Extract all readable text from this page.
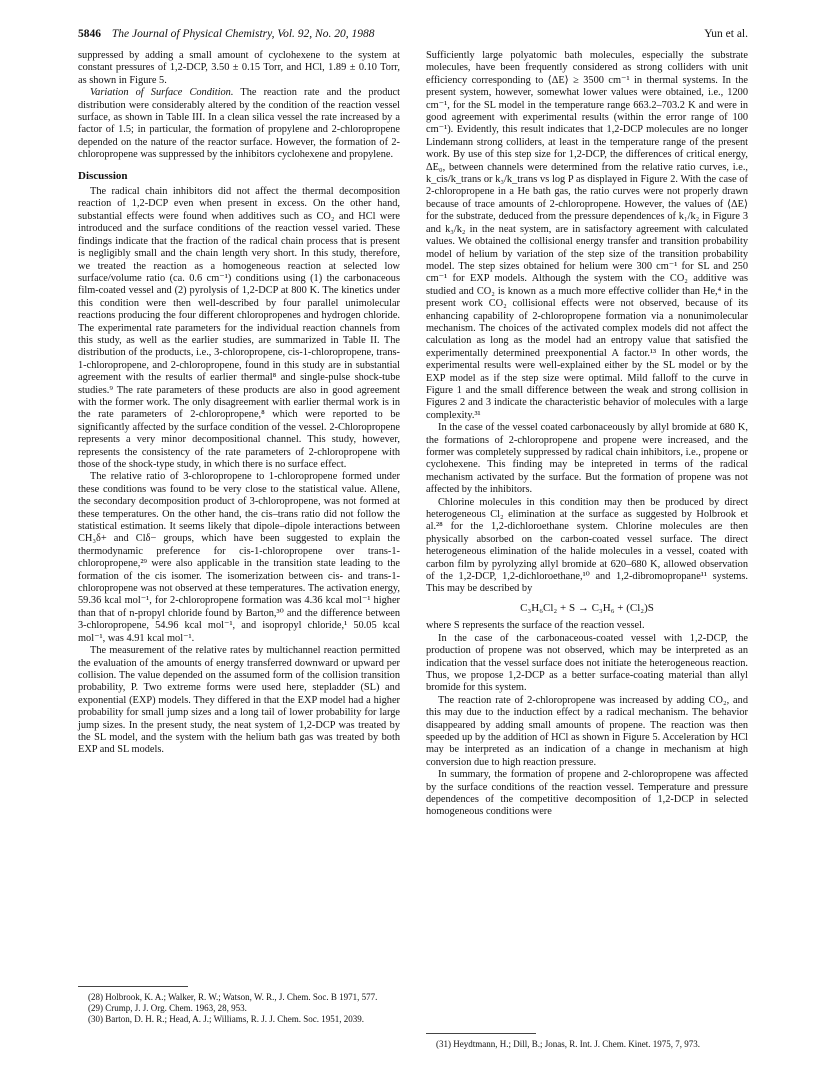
5846 The Journal of Physical Chemistry, Vol. 92, No. 20, 1988	Yun et al.

suppressed by adding a small amount of cyclohexene to the system at constant pressures of 1,2-DCP, 3.50 ± 0.15 Torr, and HCl, 1.89 ± 0.10 Torr, as shown in Figure 5.

Variation of Surface Condition. The reaction rate and the product distribution were considerably altered by the condition of the reaction vessel surface, as shown in Table III. In a clean silica vessel the rate increased by a factor of 1.5; in particular, the formation of propylene and 2-chloropropene depended on the nature of the reactor surface. However, the formation of 2-chloropropene was suppressed by the inhibitors cyclohexene and propylene.

Discussion

The radical chain inhibitors did not affect the thermal decomposition reaction of 1,2-DCP even when present in excess. On the other hand, substantial effects were found when additives such as CO₂ and HCl were introduced and the surface conditions of the reaction vessel varied. These findings indicate that the fraction of the radical chain process that is present is negligibly small and the chain length very short. In this study, therefore, we treated the reaction as a homogeneous reaction at selected low surface/volume ratio (ca. 0.6 cm⁻¹) conditions using (1) the carbonaceous film-coated vessel and (2) pyrolysis of 1,2-DCP at 800 K. The kinetics under this condition were then well-described by four parallel unimolecular reactions producing the four different chloropropenes and hydrogen chloride. The experimental rate parameters for the individual reaction channels from this study, as well as the earlier studies, are summarized in Table II. The distribution of the products, i.e., 3-chloropropene, cis-1-chloropropene, trans-1-chloropropene, and 2-chloropropene, found in this study are in substantial agreement with the results of earlier thermal⁸ and single-pulse shock-tube studies.⁹ The rate parameters of these products are also in good agreement with the former work. The only disagreement with earlier thermal work is in the rate parameters of 2-chloropropene,⁸ which were reported to be significantly affected by the surface condition of the vessel. 2-Chloropropene represents a very minor decompositional channel. This study, however, represents the consistency of the rate parameters of 2-chloropropene with those of the shock-type study, in which there is no surface effect.

The relative ratio of 3-chloropropene to 1-chloropropene formed under these conditions was found to be very close to the statistical value. Allene, the secondary decomposition product of 3-chloropropene, was not formed at these temperatures. On the other hand, the cis–trans ratio did not follow the statistical estimation. It seems likely that dipole–dipole interactions between CH₃δ+ and Clδ− groups, which have been suggested to explain the thermodynamic preference for cis-1-chloropropene over trans-1-chloropropene,²⁹ were also applicable in the transition state leading to the formation of the cis isomer. The isomerization between cis- and trans-1-chloropropene was not observed at these temperatures. The activation energy, 59.36 kcal mol⁻¹, for 2-chloropropene formation was 4.36 kcal mol⁻¹ higher than that of n-propyl chloride found by Barton,³⁰ and the difference between 3-chloropropene, 54.96 kcal mol⁻¹, and isopropyl chloride,¹ 50.05 kcal mol⁻¹, was 4.91 kcal mol⁻¹.

The measurement of the relative rates by multichannel reaction permitted the evaluation of the amounts of energy transferred downward or upward per collision. The value depended on the assumed form of the collision transition probability, P. Two extreme forms were used here, stepladder (SL) and exponential (EXP) models. They differed in that the EXP model had a higher probability for small jump sizes and a long tail of lower probability for large jump sizes. In the present study, the neat system of 1,2-DCP was treated by the SL model, and the system with the helium bath gas was treated by both EXP and SL models.

(28) Holbrook, K. A.; Walker, R. W.; Watson, W. R., J. Chem. Soc. B 1971, 577.

(29) Crump, J. J. Org. Chem. 1963, 28, 953.

(30) Barton, D. H. R.; Head, A. J.; Williams, R. J. J. Chem. Soc. 1951, 2039.

Sufficiently large polyatomic bath molecules, especially the substrate molecules, have been frequently considered as strong colliders with unit efficiency corresponding to ⟨ΔE⟩ ≥ 3500 cm⁻¹ in thermal systems. In the present system, however, somewhat lower values were obtained, i.e., 1200 cm⁻¹, for the SL model in the temperature range 663.2–703.2 K and were in good agreement with experimental results (within the error range of 100 cm⁻¹). Evidently, this result indicates that 1,2-DCP molecules are no longer Lindemann strong colliders, at least in the temperature range of the present work. By use of this step size for 1,2-DCP, the differences of critical energy, ΔE₀, between channels were determined from the relative ratio curves, i.e., k_cis/k_trans or k₃/k_trans vs log P as displayed in Figure 2. With the case of 2-chloropropene in a He bath gas, the ratio curves were not properly drawn because of trace amounts of 2-chloropropene. However, the values of ⟨ΔE⟩ for the substrate, deduced from the pressure dependences of k₁/k₂ in Figure 3 and k₃/k₂ in the neat system, are in satisfactory agreement with calculated values. We obtained the collisional energy transfer and transition probability model of helium by variation of the step size of the transition probability model. The step sizes obtained for helium were 300 cm⁻¹ for SL and 250 cm⁻¹ for EXP models. Although the system with the CO₂ additive was studied and CO₂ is known as a much more effective collider than He,⁴ in the present work CO₂ collisional effects were not observed, because of its enhancing capability of 2-chloropropene formation via a nonunimolecular mechanism. The choices of the activated complex models did not affect the calculation as long as the model had an entropy value that satisfied the experimentally determined preexponential A factor.¹³ In other words, the experimental results were well-explained either by the SL model or by the EXP model as if the step size were optimal. Mild falloff to the curve in Figure 1 and the small difference between the weak and strong collision in Figures 2 and 3 indicate the characteristic behavior of molecules with a large complexity.³¹

In the case of the vessel coated carbonaceously by allyl bromide at 680 K, the formations of 2-chloropropene and propene were increased, and the former was completely suppressed by radical chain inhibitors, i.e., propene or cyclohexene. This finding may be intepreted in terms of the radical mechanism activated by the surface. But the formation of propene was not affected by the inhibitors.

Chlorine molecules in this condition may then be produced by direct heterogeneous Cl₂ elimination at the surface as suggested by Holbrook et al.²⁸ for the 1,2-dichloroethane system. Chlorine molecules are then physically absorbed on the carbon-coated vessel surface. The direct heterogeneous elimination of the halide molecules in a vessel, coated with carbon film by pyrolyzing allyl bromide at 620–680 K, allowed observation of the 1,2-DCP, 1,2-dichloroethane,¹⁰ and 1,2-dibromopropane¹¹ systems. This may be described by

C₃H₆Cl₂ + S → C₃H₆ + (Cl₂)S

where S represents the surface of the reaction vessel.

In the case of the carbonaceous-coated vessel with 1,2-DCP, the production of propene was not observed, which may be interpreted as an indication that the vessel surface does not initiate the heterogeneous reaction. Thus, we propose 1,2-DCP as a better surface-coating material than allyl bromide for this system.

The reaction rate of 2-chloropropene was increased by adding CO₂, and this may due to the induction effect by a radical mechanism. The behavior disappeared by adding small amounts of propene. The reaction was then speeded up by the addition of HCl as shown in Figure 5. Acceleration by HCl may be interpreted as an indication of a change in mechanism at high conversion due to high reaction pressure.

In summary, the formation of propene and 2-chloropropene was affected by the surface conditions of the reaction vessel. Temperature and pressure dependences of the competitive decomposition of 1,2-DCP in selected homogeneous conditions were

(31) Heydtmann, H.; Dill, B.; Jonas, R. Int. J. Chem. Kinet. 1975, 7, 973.
